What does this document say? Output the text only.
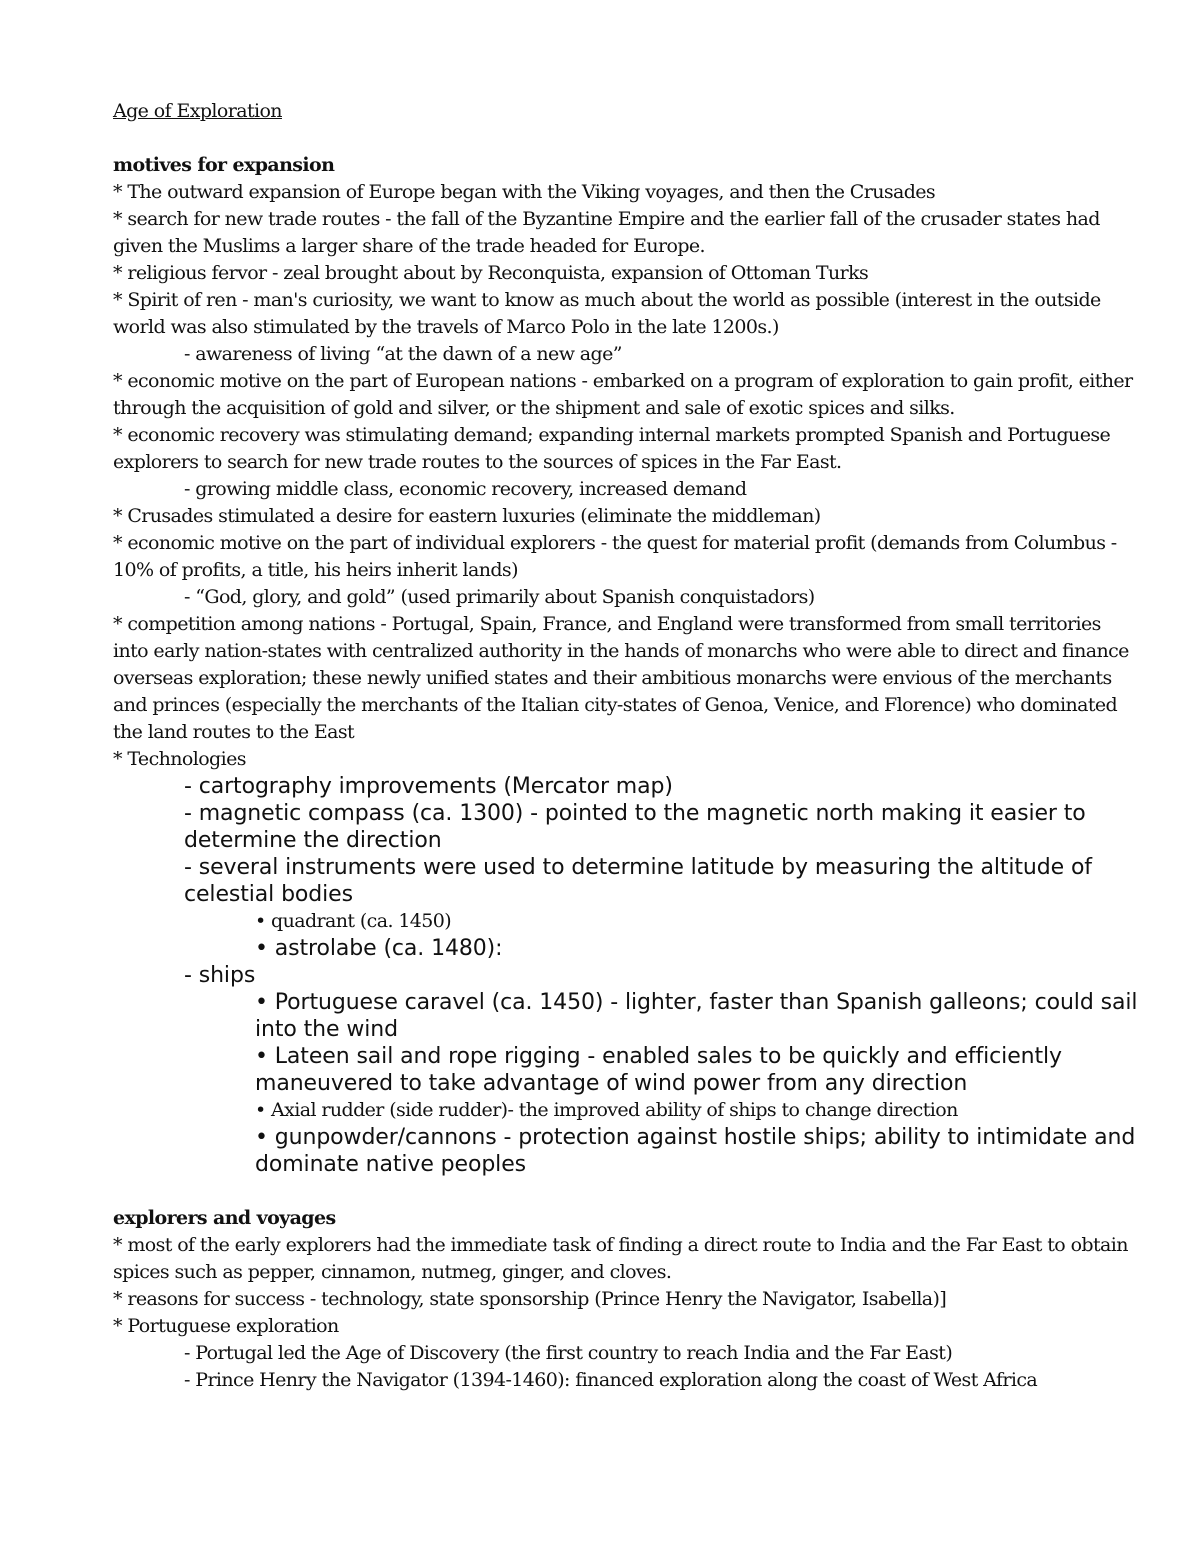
Age of Exploration
motives for expansion

* The outward expansion of Europe began with the Viking voyages, and then the Crusades

* search for new trade routes - the fall of the Byzantine Empire and the earlier fall of the crusader states had given the Muslims a larger share of the trade headed for Europe.

* religious fervor - zeal brought about by Reconquista, expansion of Ottoman Turks

* Spirit of ren - man's curiosity, we want to know as much about the world as possible (interest in the outside world was also stimulated by the travels of Marco Polo in the late 1200s.)

- awareness of living “at the dawn of a new age”

* economic motive on the part of European nations - embarked on a program of exploration to gain profit, either through the acquisition of gold and silver, or the shipment and sale of exotic spices and silks.

* economic recovery was stimulating demand; expanding internal markets prompted Spanish and Portuguese explorers to search for new trade routes to the sources of spices in the Far East.

- growing middle class, economic recovery, increased demand

* Crusades stimulated a desire for eastern luxuries (eliminate the middleman)

* economic motive on the part of individual explorers - the quest for material profit (demands from Columbus - 10% of profits, a title, his heirs inherit lands)

- “God, glory, and gold” (used primarily about Spanish conquistadors)

* competition among nations - Portugal, Spain, France, and England were transformed from small territories into early nation-states with centralized authority in the hands of monarchs who were able to direct and finance overseas exploration; these newly unified states and their ambitious monarchs were envious of the merchants and princes (especially the merchants of the Italian city-states of Genoa, Venice, and Florence) who dominated the land routes to the East

* Technologies

- cartography improvements (Mercator map)

- magnetic compass (ca. 1300) - pointed to the magnetic north making it easier to determine the direction

- several instruments were used to determine latitude by measuring the altitude of celestial bodies

• quadrant (ca. 1450)

• astrolabe (ca. 1480):

- ships

• Portuguese caravel (ca. 1450) - lighter, faster than Spanish galleons; could sail into the wind

• Lateen sail and rope rigging - enabled sales to be quickly and efficiently maneuvered to take advantage of wind power from any direction

• Axial rudder (side rudder)- the improved ability of ships to change direction

• gunpowder/cannons - protection against hostile ships; ability to intimidate and dominate native peoples

explorers and voyages

* most of the early explorers had the immediate task of finding a direct route to India and the Far East to obtain spices such as pepper, cinnamon, nutmeg, ginger, and cloves.

* reasons for success - technology, state sponsorship (Prince Henry the Navigator, Isabella)]

* Portuguese exploration

- Portugal led the Age of Discovery (the first country to reach India and the Far East)

- Prince Henry the Navigator (1394-1460): financed exploration along the coast of West Africa
